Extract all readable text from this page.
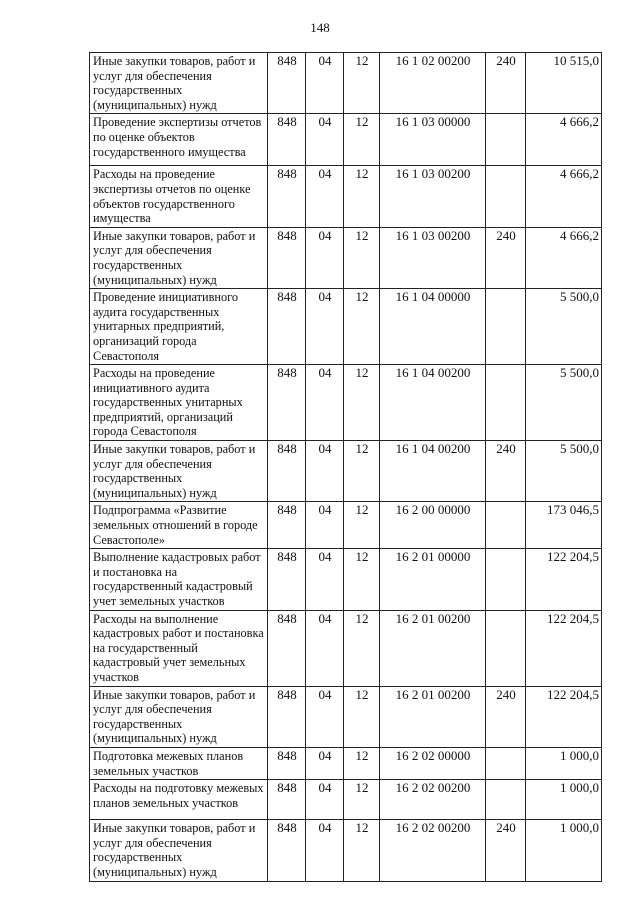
148
Иные закупки товаров, работ и услуг для обеспечения государственных (муниципальных) нужд	848	04	12	16 1 02 00200	240	10 515,0
Проведение экспертизы отчетов по оценке объектов государственного имущества	848	04	12	16 1 03 00000		4 666,2
Расходы на проведение экспертизы отчетов по оценке объектов государственного имущества	848	04	12	16 1 03 00200		4 666,2
Иные закупки товаров, работ и услуг для обеспечения государственных (муниципальных) нужд	848	04	12	16 1 03 00200	240	4 666,2
Проведение инициативного аудита государственных унитарных предприятий, организаций города Севастополя	848	04	12	16 1 04 00000		5 500,0
Расходы на проведение инициативного аудита государственных унитарных предприятий, организаций города Севастополя	848	04	12	16 1 04 00200		5 500,0
Иные закупки товаров, работ и услуг для обеспечения государственных (муниципальных) нужд	848	04	12	16 1 04 00200	240	5 500,0
Подпрограмма «Развитие земельных отношений в городе Севастополе»	848	04	12	16 2 00 00000		173 046,5
Выполнение кадастровых работ и постановка на государственный кадастровый учет земельных участков	848	04	12	16 2 01 00000		122 204,5
Расходы на выполнение кадастровых работ и постановка на государственный кадастровый учет земельных участков	848	04	12	16 2 01 00200		122 204,5
Иные закупки товаров, работ и услуг для обеспечения государственных (муниципальных) нужд	848	04	12	16 2 01 00200	240	122 204,5
Подготовка межевых планов земельных участков	848	04	12	16 2 02 00000		1 000,0
Расходы на подготовку межевых планов земельных участков	848	04	12	16 2 02 00200		1 000,0
Иные закупки товаров, работ и услуг для обеспечения государственных (муниципальных) нужд	848	04	12	16 2 02 00200	240	1 000,0
